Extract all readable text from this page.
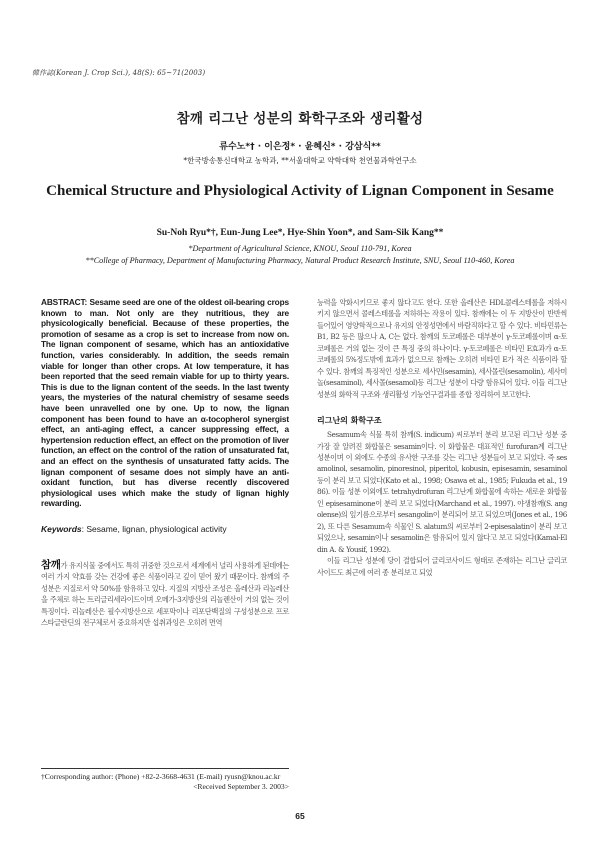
韓作誌(Korean J. Crop Sci.), 48(S): 65~71(2003)
참깨 리그난 성분의 화학구조와 생리활성
류수노*† · 이은정* · 윤혜신* · 강삼식**
*한국방송통신대학교 농학과, **서울대학교 약학대학 천연물과학연구소
Chemical Structure and Physiological Activity of Lignan Component in Sesame
Su-Noh Ryu*†, Eun-Jung Lee*, Hye-Shin Yoon*, and Sam-Sik Kang**
*Department of Agricultural Science, KNOU, Seoul 110-791, Korea
**College of Pharmacy, Department of Manufacturing Pharmacy, Natural Product Research Institute, SNU, Seoul 110-460, Korea

ABSTRACT: Sesame seed are one of the oldest oil-bearing crops known to man. Not only are they nutritious, they are physicologically beneficial. Because of these properties, the promotion of sesame as a crop is set to increase from now on. The lignan component of sesame, which has an antioxidative function, varies considerably. In addition, the seeds remain viable for longer than other crops. At low temperature, it has been reported that the seed remain viable for up to thirty years. This is due to the lignan content of the seeds. In the last twenty years, the mysteries of the natural chemistry of sesame seeds have been unravelled one by one. Up to now, the lignan component has been found to have an α-tocopherol synergist effect, an anti-aging effect, a cancer suppressing effect, a hypertension reduction effect, an effect on the promotion of liver function, an effect on the control of the ration of unsaturated fat, and an effect on the synthesis of unsaturated fatty acids. The lignan component of sesame does not simply have an anti-oxidant function, but has diverse recently discovered physiological uses which make the study of lignan highly rewarding.

Keywords: Sesame, lignan, physiological activity

참깨가 유지식물 중에서도 특히 귀중한 것으로서 세계에서 널리 사용하게 된데에는 여러 가지 약효를 갖는 건강에 좋은 식품이라고 깊이 믿어 왔기 때문이다. 참깨의 주성분은 지질로서 약 50%를 함유하고 있다. 지질의 지방산 조성은 올레산과 리놀레산을 주체로 하는 트리글리세라이드이며 오메가-3지방산의 리놀렌산이 거의 없는 것이 특징이다. 리놀레산은 필수지방산으로 세포막이나 리포단백질의 구성성분으로 프로스타글란딘의 전구체로서 중요하지만 섭취과잉은 오히려 면역

†Corresponding author: (Phone) +82-2-3668-4631 (E-mail) ryusn@knou.ac.kr
<Received September 3. 2003>

능력을 약화시키므로 좋지 않다고도 한다. 또한 올레산은 HDL콜레스테롤을 저하시키지 않으면서 콜레스테롤을 저하하는 작용이 있다. 참깨에는 이 두 지방산이 반반씩 들어있어 영양학적으로나 유지의 안정성면에서 바람직하다고 할 수 있다. 비타민류는 B1, B2 등은 많으나 A, C는 없다. 참깨의 토코페롤은 대부분이 γ-토코페롤이며 α-토코페롤은 거의 없는 것이 큰 특징 중의 하나이다. γ-토코페롤은 비타민 E효과가 α-토코페롤의 5%정도밖에 효과가 없으므로 참깨는 오히려 비타민 E가 적은 식품이라 할 수 있다. 참깨의 특징적인 성분으로 세사민(sesamin), 세사몰린(sesamolin), 세사미놀(sesaminol), 세사몰(sesamol)등 리그난 성분이 다량 함유되어 있다. 이들 리그난 성분의 화학적 구조와 생리활성 기능연구결과를 종합 정리하여 보고한다.

리그난의 화학구조

Sesamum속 식물 특히 참깨(S. indicum) 씨로부터 분리 보고된 리그난 성분 중 가장 잘 알려진 화합물은 sesamin이다. 이 화합물은 대표적인 furofuran계 리그난 성분이며 이 외에도 수종의 유사한 구조를 갖는 리그난 성분들이 보고 되었다. 즉 sesamolinol, sesamolin, pinoresinol, piperitol, kobusin, episesamin, sesaminol 등이 분리 보고 되었다(Kato et al., 1998; Osawa et al., 1985; Fukuda et al., 1986). 이들 성분 이외에도 tetrahydrofuran 리그난계 화합물에 속하는 새로운 화합물인 episesaminone이 분리 보고 되었다(Marchand et al., 1997). 야생참깨(S. angolense)의 잎기름으로부터 sesangolin이 분리되어 보고 되었으며(Jones et al., 1962), 또 다른 Sesamum속 식물인 S. alatum의 씨로부터 2-episesalatin이 분리 보고 되었으나, sesamin이나 sesamolin은 함유되어 있지 않다고 보고 되었다(Kamal-Eldin A. & Yousif, 1992).

이들 리그난 성분에 당이 결합되어 글리코사이드 형태로 존재하는 리그난 글리코사이드도 최근에 여러 종 분리보고 되었

65
